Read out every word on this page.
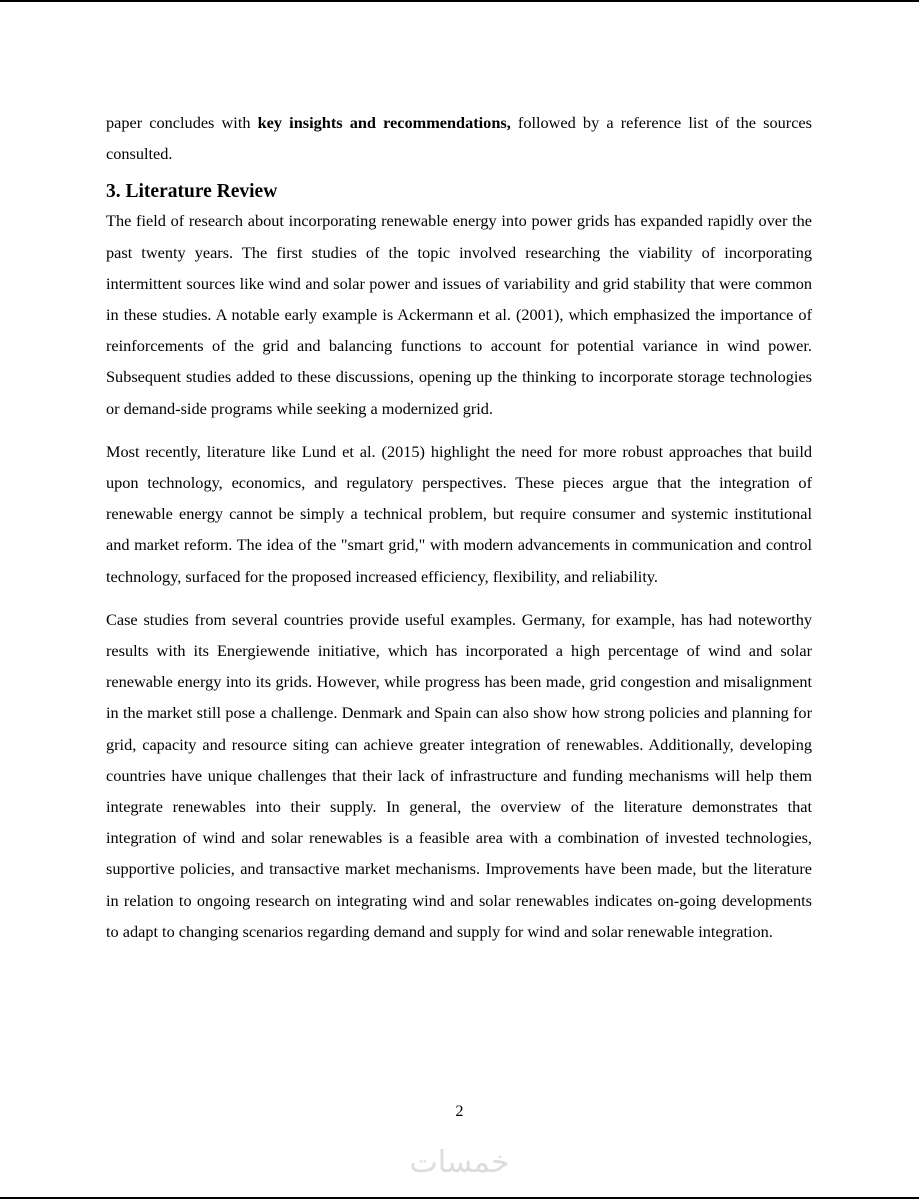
paper concludes with key insights and recommendations, followed by a reference list of the sources consulted.

3. Literature Review

The field of research about incorporating renewable energy into power grids has expanded rapidly over the past twenty years. The first studies of the topic involved researching the viability of incorporating intermittent sources like wind and solar power and issues of variability and grid stability that were common in these studies. A notable early example is Ackermann et al. (2001), which emphasized the importance of reinforcements of the grid and balancing functions to account for potential variance in wind power. Subsequent studies added to these discussions, opening up the thinking to incorporate storage technologies or demand-side programs while seeking a modernized grid.

Most recently, literature like Lund et al. (2015) highlight the need for more robust approaches that build upon technology, economics, and regulatory perspectives. These pieces argue that the integration of renewable energy cannot be simply a technical problem, but require consumer and systemic institutional and market reform. The idea of the "smart grid," with modern advancements in communication and control technology, surfaced for the proposed increased efficiency, flexibility, and reliability.

Case studies from several countries provide useful examples. Germany, for example, has had noteworthy results with its Energiewende initiative, which has incorporated a high percentage of wind and solar renewable energy into its grids. However, while progress has been made, grid congestion and misalignment in the market still pose a challenge. Denmark and Spain can also show how strong policies and planning for grid, capacity and resource siting can achieve greater integration of renewables. Additionally, developing countries have unique challenges that their lack of infrastructure and funding mechanisms will help them integrate renewables into their supply. In general, the overview of the literature demonstrates that integration of wind and solar renewables is a feasible area with a combination of invested technologies, supportive policies, and transactive market mechanisms. Improvements have been made, but the literature in relation to ongoing research on integrating wind and solar renewables indicates on-going developments to adapt to changing scenarios regarding demand and supply for wind and solar renewable integration.

2
خمسات
